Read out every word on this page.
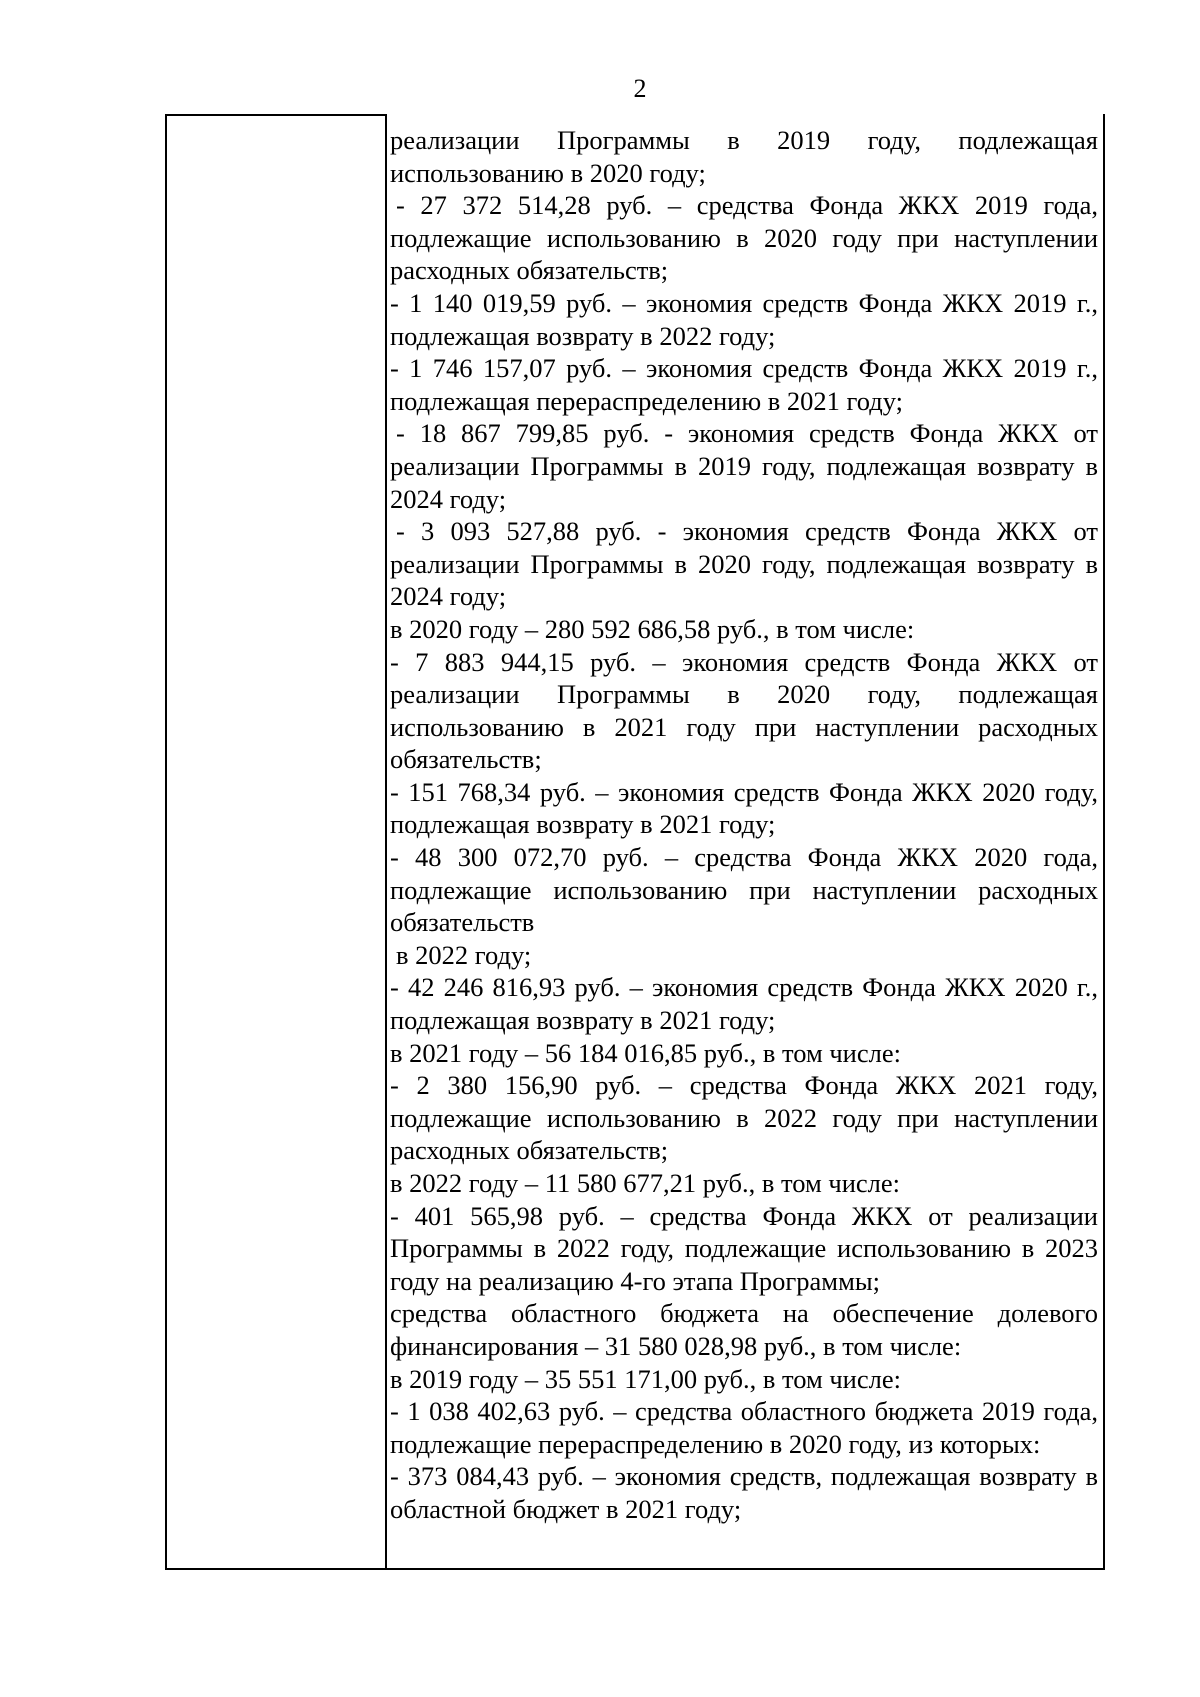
2

реализации Программы в 2019 году, подлежащая использованию в 2020 году;

- 27 372 514,28 руб. – средства Фонда ЖКХ 2019 года, подлежащие использованию в 2020 году при наступлении расходных обязательств;

- 1 140 019,59 руб. – экономия средств Фонда ЖКХ 2019 г., подлежащая возврату в 2022 году;

- 1 746 157,07 руб. – экономия средств Фонда ЖКХ 2019 г., подлежащая перераспределению в 2021 году;

- 18 867 799,85 руб. - экономия средств Фонда ЖКХ от реализации Программы в 2019 году, подлежащая возврату в 2024 году;

- 3 093 527,88 руб. - экономия средств Фонда ЖКХ от реализации Программы в 2020 году, подлежащая возврату в 2024 году;

в 2020 году – 280 592 686,58 руб., в том числе:

- 7 883 944,15 руб. – экономия средств Фонда ЖКХ от реализации Программы в 2020 году, подлежащая использованию в 2021 году при наступлении расходных обязательств;

- 151 768,34 руб. – экономия средств Фонда ЖКХ 2020 году, подлежащая возврату в 2021 году;

- 48 300 072,70 руб. – средства Фонда ЖКХ 2020 года, подлежащие использованию при наступлении расходных обязательств

в 2022 году;

- 42 246 816,93 руб. – экономия средств Фонда ЖКХ 2020 г., подлежащая возврату в 2021 году;

в 2021 году – 56 184 016,85 руб., в том числе:

- 2 380 156,90 руб. – средства Фонда ЖКХ 2021 году, подлежащие использованию в 2022 году при наступлении расходных обязательств;

в 2022 году – 11 580 677,21 руб., в том числе:

- 401 565,98 руб. – средства Фонда ЖКХ от реализации Программы в 2022 году, подлежащие использованию в 2023 году на реализацию 4-го этапа Программы;

средства областного бюджета на обеспечение долевого финансирования – 31 580 028,98 руб., в том числе:

в 2019 году – 35 551 171,00 руб., в том числе:

- 1 038 402,63 руб. – средства областного бюджета 2019 года, подлежащие перераспределению в 2020 году, из которых:

- 373 084,43 руб. – экономия средств, подлежащая возврату в областной бюджет в 2021 году;
